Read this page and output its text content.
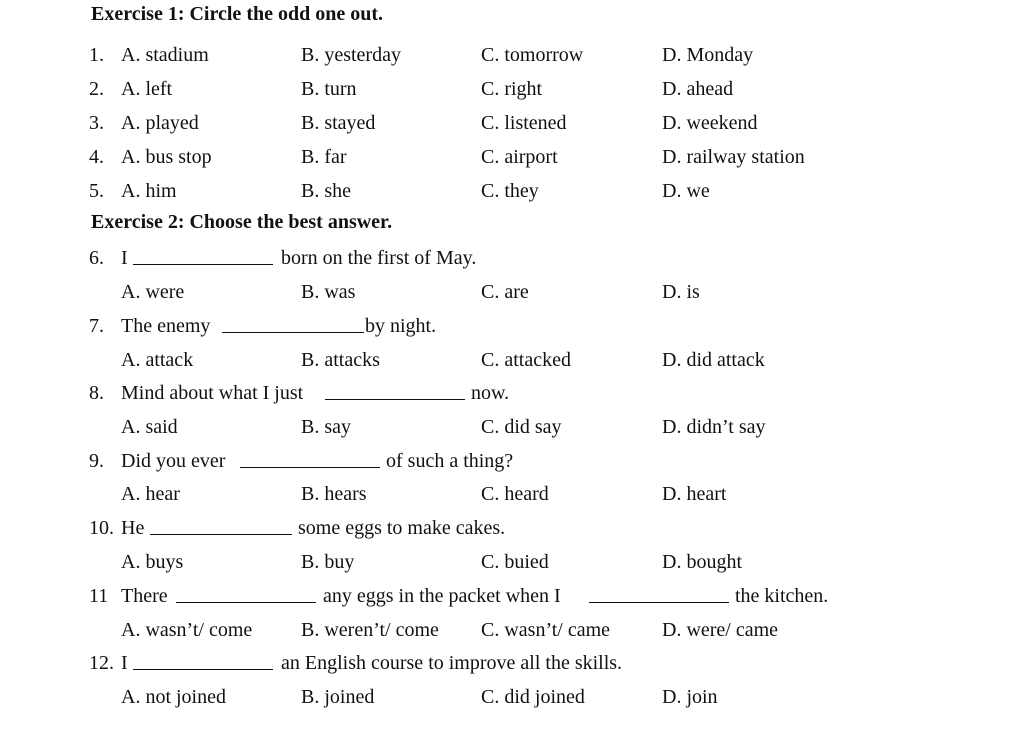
Exercise 1: Circle the odd one out.
1. A. stadium	B. yesterday	C. tomorrow	D. Monday
2. A. left	B. turn	C. right	D. ahead
3. A. played	B. stayed	C. listened	D. weekend
4. A. bus stop	B. far	C. airport	D. railway station
5. A. him	B. she	C. they	D. we
Exercise 2: Choose the best answer.
6. I	born on the first of May.
A. were	B. was	C. are	D. is
7. The enemy	by night.
A. attack	B. attacks	C. attacked	D. did attack
8. Mind about what I just	now.
A. said	B. say	C. did say	D. didn’t say
9. Did you ever	of such a thing?
A. hear	B. hears	C. heard	D. heart
10. He	some eggs to make cakes.
A. buys	B. buy	C. buied	D. bought
11 There	any eggs in the packet when I	the kitchen.
A. wasn’t/ come B. weren’t/ come C. wasn’t/ came	D. were/ came
12. I	an English course to improve all the skills.
A. not joined	B. joined	C. did joined	D. join
